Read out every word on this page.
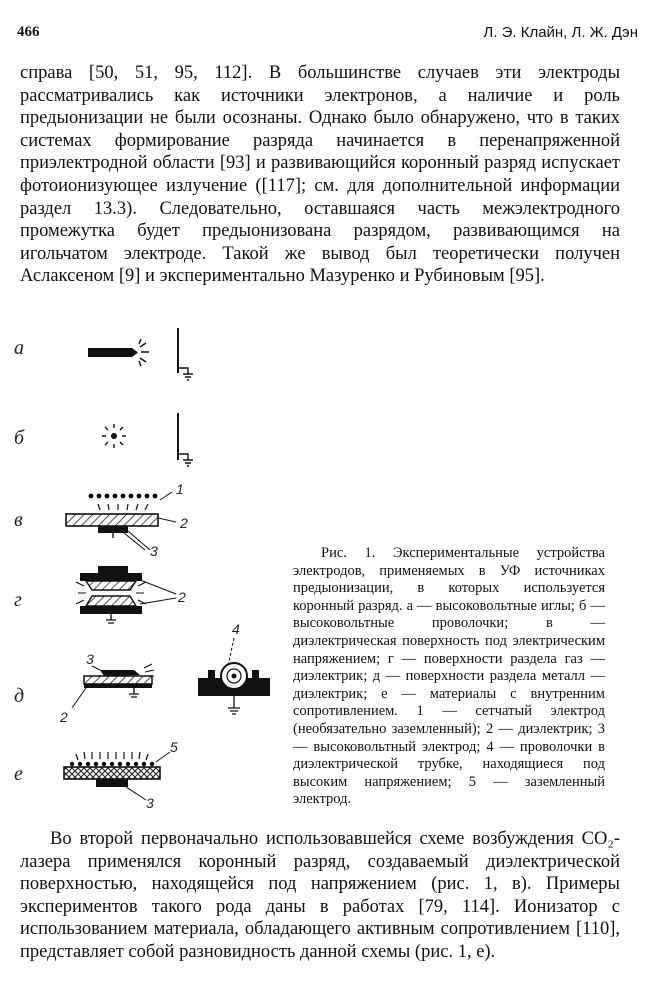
466	Л. Э. Клайн, Л. Ж. Дэн

справа [50, 51, 95, 112]. В большинстве случаев эти электроды рассматривались как источники электронов, а наличие и роль предыонизации не были осознаны. Однако было обнаружено, что в таких системах формирование разряда начинается в перенапряженной приэлектродной области [93] и развивающийся коронный разряд испускает фотоионизующее излучение ([117]; см. для дополнительной информации раздел 13.3). Следовательно, оставшаяся часть межэлектродного промежутка будет предыонизована разрядом, развивающимся на игольчатом электроде. Такой же вывод был теоретически получен Аслаксеном [9] и экспериментально Мазуренко и Рубиновым [95].

а
б
в
г
д
е
1
2
3
2
3
2
5
3
4

Рис. 1. Экспериментальные устройства электродов, применяемых в УФ источниках предыонизации, в которых используется коронный разряд. а — высоковольтные иглы; б — высоковольтные проволочки; в — диэлектрическая поверхность под электрическим напряжением; г — поверхности раздела газ — диэлектрик; д — поверхности раздела металл — диэлектрик; е — материалы с внутренним сопротивлением. 1 — сетчатый электрод (необязательно заземленный); 2 — диэлектрик; 3 — высоковольтный электрод; 4 — проволочки в диэлектрической трубке, находящиеся под высоким напряжением; 5 — заземленный электрод.

Во второй первоначально использовавшейся схеме возбуждения CO₂-лазера применялся коронный разряд, создаваемый диэлектрической поверхностью, находящейся под напряжением (рис. 1, в). Примеры экспериментов такого рода даны в работах [79, 114]. Ионизатор с использованием материала, обладающего активным сопротивлением [110], представляет собой разновидность данной схемы (рис. 1, е).
